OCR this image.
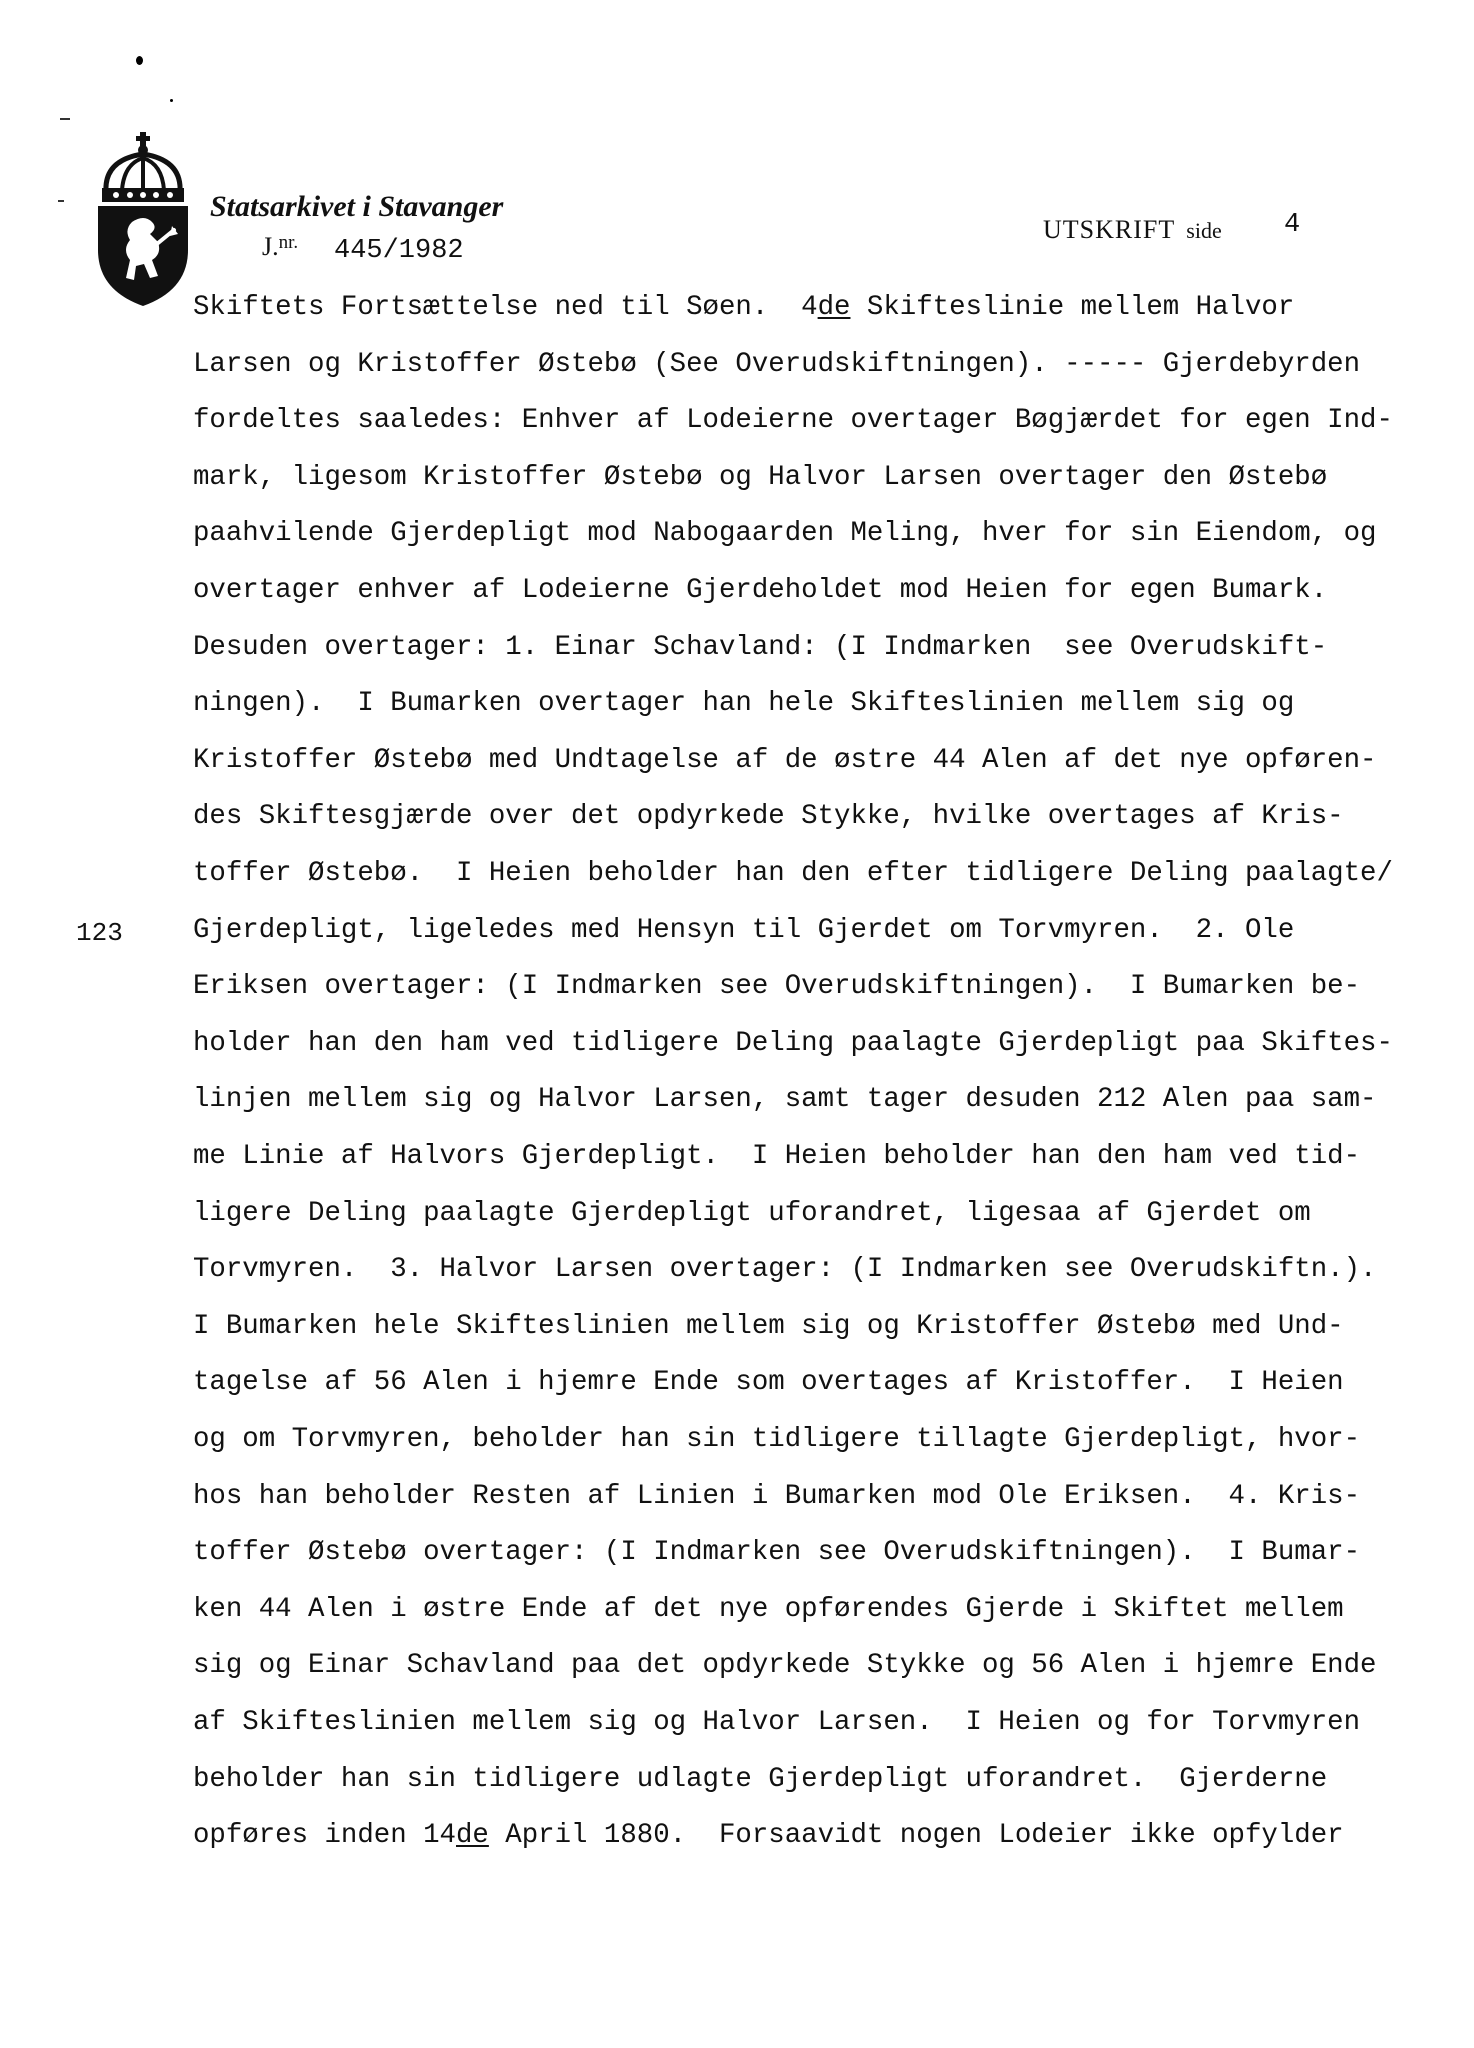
Statsarkivet i Stavanger
J.$^{nr.}$ 445/1982
UTSKRIFT side 4
123
Skiftets Fortsættelse ned til Søen.  4de Skifteslinie mellem Halvor
Larsen og Kristoffer Østebø (See Overudskiftningen). ----- Gjerdebyrden
fordeltes saaledes: Enhver af Lodeierne overtager Bøgjærdet for egen Ind-
mark, ligesom Kristoffer Østebø og Halvor Larsen overtager den Østebø
paahvilende Gjerdepligt mod Nabogaarden Meling, hver for sin Eiendom, og
overtager enhver af Lodeierne Gjerdeholdet mod Heien for egen Bumark.
Desuden overtager: 1. Einar Schavland: (I Indmarken  see Overudskift-
ningen).  I Bumarken overtager han hele Skifteslinien mellem sig og
Kristoffer Østebø med Undtagelse af de østre 44 Alen af det nye opføren-
des Skiftesgjærde over det opdyrkede Stykke, hvilke overtages af Kris-
toffer Østebø.  I Heien beholder han den efter tidligere Deling paalagte/
Gjerdepligt, ligeledes med Hensyn til Gjerdet om Torvmyren.  2. Ole
Eriksen overtager: (I Indmarken see Overudskiftningen).  I Bumarken be-
holder han den ham ved tidligere Deling paalagte Gjerdepligt paa Skiftes-
linjen mellem sig og Halvor Larsen, samt tager desuden 212 Alen paa sam-
me Linie af Halvors Gjerdepligt.  I Heien beholder han den ham ved tid-
ligere Deling paalagte Gjerdepligt uforandret, ligesaa af Gjerdet om
Torvmyren.  3. Halvor Larsen overtager: (I Indmarken see Overudskiftn.).
I Bumarken hele Skifteslinien mellem sig og Kristoffer Østebø med Und-
tagelse af 56 Alen i hjemre Ende som overtages af Kristoffer.  I Heien
og om Torvmyren, beholder han sin tidligere tillagte Gjerdepligt, hvor-
hos han beholder Resten af Linien i Bumarken mod Ole Eriksen.  4. Kris-
toffer Østebø overtager: (I Indmarken see Overudskiftningen).  I Bumar-
ken 44 Alen i østre Ende af det nye opførendes Gjerde i Skiftet mellem
sig og Einar Schavland paa det opdyrkede Stykke og 56 Alen i hjemre Ende
af Skifteslinien mellem sig og Halvor Larsen.  I Heien og for Torvmyren
beholder han sin tidligere udlagte Gjerdepligt uforandret.  Gjerderne
opføres inden 14de April 1880.  Forsaavidt nogen Lodeier ikke opfylder
